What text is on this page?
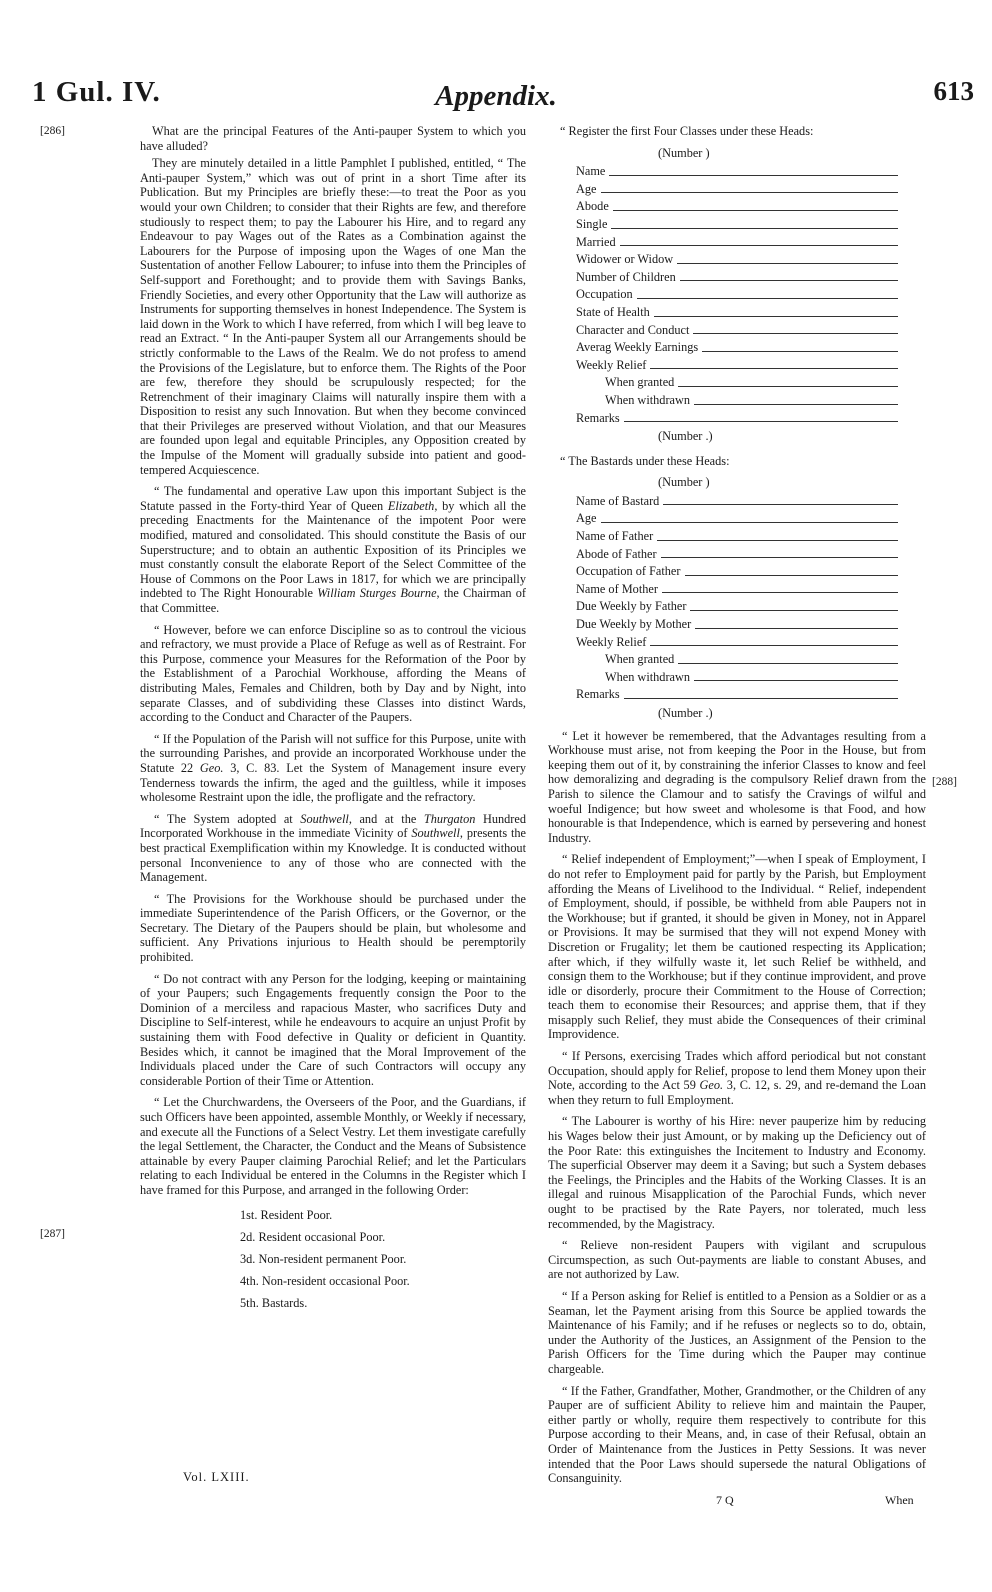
1 Gul. IV.	Appendix.	613
[286]
[287]
[288]

What are the principal Features of the Anti-pauper System to which you have alluded?

They are minutely detailed in a little Pamphlet I published, entitled, “ The Anti-pauper System,” which was out of print in a short Time after its Publication. But my Principles are briefly these:—to treat the Poor as you would your own Children; to consider that their Rights are few, and therefore studiously to respect them; to pay the Labourer his Hire, and to regard any Endeavour to pay Wages out of the Rates as a Combination against the Labourers for the Purpose of imposing upon the Wages of one Man the Sustentation of another Fellow Labourer; to infuse into them the Principles of Self-support and Forethought; and to provide them with Savings Banks, Friendly Societies, and every other Opportunity that the Law will authorize as Instruments for supporting themselves in honest Independence. The System is laid down in the Work to which I have referred, from which I will beg leave to read an Extract. “ In the Anti-pauper System all our Arrangements should be strictly conformable to the Laws of the Realm. We do not profess to amend the Provisions of the Legislature, but to enforce them. The Rights of the Poor are few, therefore they should be scrupulously respected; for the Retrenchment of their imaginary Claims will naturally inspire them with a Disposition to resist any such Innovation. But when they become convinced that their Privileges are preserved without Violation, and that our Measures are founded upon legal and equitable Principles, any Opposition created by the Impulse of the Moment will gradually subside into patient and good-tempered Acquiescence.

“ The fundamental and operative Law upon this important Subject is the Statute passed in the Forty-third Year of Queen Elizabeth, by which all the preceding Enactments for the Maintenance of the impotent Poor were modified, matured and consolidated. This should constitute the Basis of our Superstructure; and to obtain an authentic Exposition of its Principles we must constantly consult the elaborate Report of the Select Committee of the House of Commons on the Poor Laws in 1817, for which we are principally indebted to The Right Honourable William Sturges Bourne, the Chairman of that Committee.

“ However, before we can enforce Discipline so as to controul the vicious and refractory, we must provide a Place of Refuge as well as of Restraint. For this Purpose, commence your Measures for the Reformation of the Poor by the Establishment of a Parochial Workhouse, affording the Means of distributing Males, Females and Children, both by Day and by Night, into separate Classes, and of subdividing these Classes into distinct Wards, according to the Conduct and Character of the Paupers.

“ If the Population of the Parish will not suffice for this Purpose, unite with the surrounding Parishes, and provide an incorporated Workhouse under the Statute 22 Geo. 3, C. 83. Let the System of Management insure every Tenderness towards the infirm, the aged and the guiltless, while it imposes wholesome Restraint upon the idle, the profligate and the refractory.

“ The System adopted at Southwell, and at the Thurgaton Hundred Incorporated Workhouse in the immediate Vicinity of Southwell, presents the best practical Exemplification within my Knowledge. It is conducted without personal Inconvenience to any of those who are connected with the Management.

“ The Provisions for the Workhouse should be purchased under the immediate Superintendence of the Parish Officers, or the Governor, or the Secretary. The Dietary of the Paupers should be plain, but wholesome and sufficient. Any Privations injurious to Health should be peremptorily prohibited.

“ Do not contract with any Person for the lodging, keeping or maintaining of your Paupers; such Engagements frequently consign the Poor to the Dominion of a merciless and rapacious Master, who sacrifices Duty and Discipline to Self-interest, while he endeavours to acquire an unjust Profit by sustaining them with Food defective in Quality or deficient in Quantity. Besides which, it cannot be imagined that the Moral Improvement of the Individuals placed under the Care of such Contractors will occupy any considerable Portion of their Time or Attention.

“ Let the Churchwardens, the Overseers of the Poor, and the Guardians, if such Officers have been appointed, assemble Monthly, or Weekly if necessary, and execute all the Functions of a Select Vestry. Let them investigate carefully the legal Settlement, the Character, the Conduct and the Means of Subsistence attainable by every Pauper claiming Parochial Relief; and let the Particulars relating to each Individual be entered in the Columns in the Register which I have framed for this Purpose, and arranged in the following Order:

1st. Resident Poor.
2d. Resident occasional Poor.
3d. Non-resident permanent Poor.
4th. Non-resident occasional Poor.
5th. Bastards.

“ Register the first Four Classes under these Heads:

(Number )
Name
Age
Abode
Single
Married
Widower or Widow
Number of Children
Occupation
State of Health
Character and Conduct
Averag Weekly Earnings
Weekly Relief
When granted
When withdrawn
Remarks
(Number .)

“ The Bastards under these Heads:

(Number )
Name of Bastard
Age
Name of Father
Abode of Father
Occupation of Father
Name of Mother
Due Weekly by Father
Due Weekly by Mother
Weekly Relief
When granted
When withdrawn
Remarks
(Number .)

“ Let it however be remembered, that the Advantages resulting from a Workhouse must arise, not from keeping the Poor in the House, but from keeping them out of it, by constraining the inferior Classes to know and feel how demoralizing and degrading is the compulsory Relief drawn from the Parish to silence the Clamour and to satisfy the Cravings of wilful and woeful Indigence; but how sweet and wholesome is that Food, and how honourable is that Independence, which is earned by persevering and honest Industry.

“ Relief independent of Employment;”—when I speak of Employment, I do not refer to Employment paid for partly by the Parish, but Employment affording the Means of Livelihood to the Individual. “ Relief, independent of Employment, should, if possible, be withheld from able Paupers not in the Workhouse; but if granted, it should be given in Money, not in Apparel or Provisions. It may be surmised that they will not expend Money with Discretion or Frugality; let them be cautioned respecting its Application; after which, if they wilfully waste it, let such Relief be withheld, and consign them to the Workhouse; but if they continue improvident, and prove idle or disorderly, procure their Commitment to the House of Correction; teach them to economise their Resources; and apprise them, that if they misapply such Relief, they must abide the Consequences of their criminal Improvidence.

“ If Persons, exercising Trades which afford periodical but not constant Occupation, should apply for Relief, propose to lend them Money upon their Note, according to the Act 59 Geo. 3, C. 12, s. 29, and re-demand the Loan when they return to full Employment.

“ The Labourer is worthy of his Hire: never pauperize him by reducing his Wages below their just Amount, or by making up the Deficiency out of the Poor Rate: this extinguishes the Incitement to Industry and Economy. The superficial Observer may deem it a Saving; but such a System debases the Feelings, the Principles and the Habits of the Working Classes. It is an illegal and ruinous Misapplication of the Parochial Funds, which never ought to be practised by the Rate Payers, nor tolerated, much less recommended, by the Magistracy.

“ Relieve non-resident Paupers with vigilant and scrupulous Circumspection, as such Out-payments are liable to constant Abuses, and are not authorized by Law.

“ If a Person asking for Relief is entitled to a Pension as a Soldier or as a Seaman, let the Payment arising from this Source be applied towards the Maintenance of his Family; and if he refuses or neglects so to do, obtain, under the Authority of the Justices, an Assignment of the Pension to the Parish Officers for the Time during which the Pauper may continue chargeable.

“ If the Father, Grandfather, Mother, Grandmother, or the Children of any Pauper are of sufficient Ability to relieve him and maintain the Pauper, either partly or wholly, require them respectively to contribute for this Purpose according to their Means, and, in case of their Refusal, obtain an Order of Maintenance from the Justices in Petty Sessions. It was never intended that the Poor Laws should supersede the natural Obligations of Consanguinity.

Vol. LXIII.
7 Q	When
